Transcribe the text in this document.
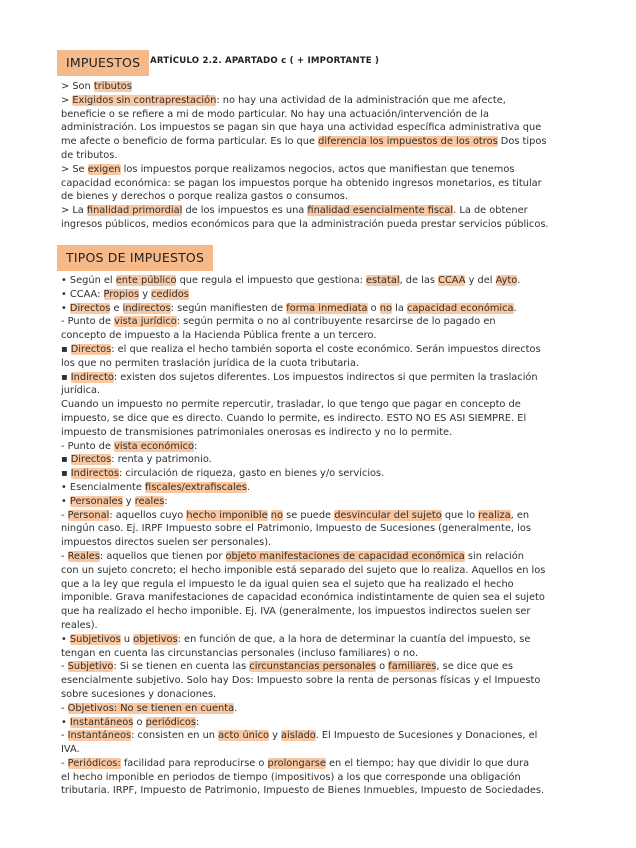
IMPUESTOS	ARTÍCULO 2.2. APARTADO c ( + IMPORTANTE )

> Son tributos

> Exigidos sin contraprestación: no hay una actividad de la administración que me afecte,

beneficie o se refiere a mi de modo particular. No hay una actuación/intervención de la

administración. Los impuestos se pagan sin que haya una actividad específica administrativa que

me afecte o beneficio de forma particular. Es lo que diferencia los impuestos de los otros Dos tipos

de tributos.

> Se exigen los impuestos porque realizamos negocios, actos que manifiestan que tenemos

capacidad económica: se pagan los impuestos porque ha obtenido ingresos monetarios, es titular

de bienes y derechos o porque realiza gastos o consumos.

> La finalidad primordial de los impuestos es una finalidad esencialmente fiscal. La de obtener

ingresos públicos, medios económicos para que la administración pueda prestar servicios públicos.

TIPOS DE IMPUESTOS

• Según el ente público que regula el impuesto que gestiona: estatal, de las CCAA y del Ayto.

• CCAA: Propios y cedidos

• Directos e indirectos: según manifiesten de forma inmediata o no la capacidad económica.

- Punto de vista jurídico: según permita o no al contribuyente resarcirse de lo pagado en

concepto de impuesto a la Hacienda Pública frente a un tercero.

▪ Directos: el que realiza el hecho también soporta el coste económico. Serán impuestos directos

los que no permiten traslación jurídica de la cuota tributaria.

▪ Indirecto: existen dos sujetos diferentes. Los impuestos indirectos si que permiten la traslación

jurídica.

Cuando un impuesto no permite repercutir, trasladar, lo que tengo que pagar en concepto de

impuesto, se dice que es directo. Cuando lo permite, es indirecto. ESTO NO ES ASI SIEMPRE. El

impuesto de transmisiones patrimoniales onerosas es indirecto y no lo permite.

- Punto de vista económico:

▪ Directos: renta y patrimonio.

▪ Indirectos: circulación de riqueza, gasto en bienes y/o servicios.

• Esencialmente fiscales/extrafiscales.

• Personales y reales:

- Personal: aquellos cuyo hecho imponible no se puede desvincular del sujeto que lo realiza, en

ningún caso. Ej. IRPF Impuesto sobre el Patrimonio, Impuesto de Sucesiones (generalmente, los

impuestos directos suelen ser personales).

- Reales: aquellos que tienen por objeto manifestaciones de capacidad económica sin relación

con un sujeto concreto; el hecho imponible está separado del sujeto que lo realiza. Aquellos en los

que a la ley que regula el impuesto le da igual quien sea el sujeto que ha realizado el hecho

imponible. Grava manifestaciones de capacidad económica indistintamente de quien sea el sujeto

que ha realizado el hecho imponible. Ej. IVA (generalmente, los impuestos indirectos suelen ser

reales).

• Subjetivos u objetivos: en función de que, a la hora de determinar la cuantía del impuesto, se

tengan en cuenta las circunstancias personales (incluso familiares) o no.

- Subjetivo: Si se tienen en cuenta las circunstancias personales o familiares, se dice que es

esencialmente subjetivo. Solo hay Dos: Impuesto sobre la renta de personas físicas y el Impuesto

sobre sucesiones y donaciones.

- Objetivos: No se tienen en cuenta.

• Instantáneos o periódicos:

- Instantáneos: consisten en un acto único y aislado. El Impuesto de Sucesiones y Donaciones, el

IVA.

- Periódicos: facilidad para reproducirse o prolongarse en el tiempo; hay que dividir lo que dura

el hecho imponible en periodos de tiempo (impositivos) a los que corresponde una obligación

tributaria. IRPF, Impuesto de Patrimonio, Impuesto de Bienes Inmuebles, Impuesto de Sociedades.
